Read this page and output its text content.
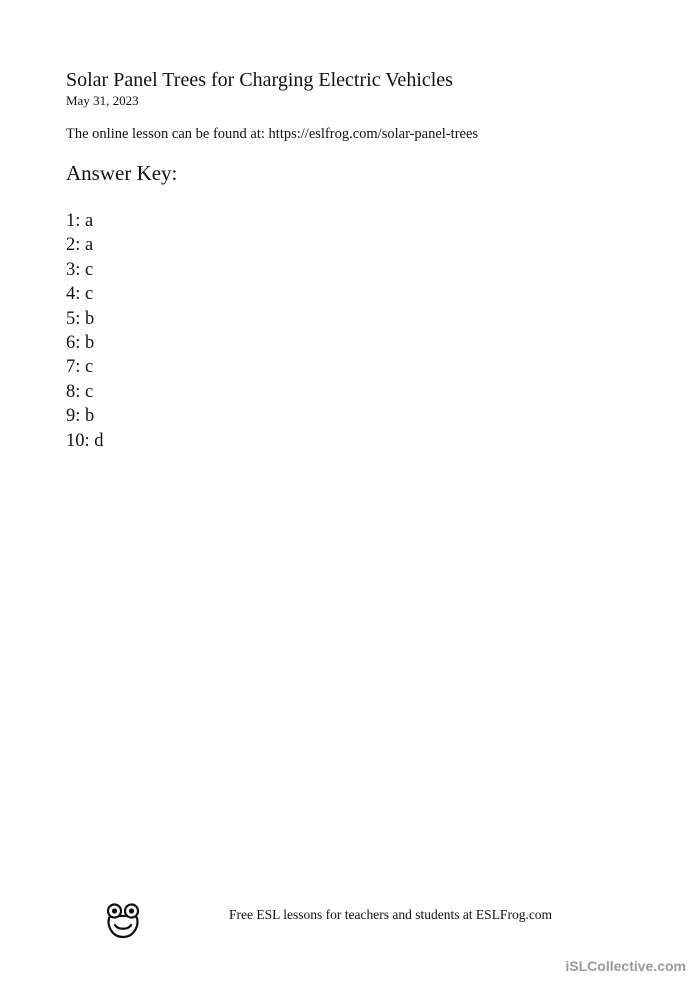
Solar Panel Trees for Charging Electric Vehicles
May 31, 2023
The online lesson can be found at: https://eslfrog.com/solar-panel-trees
Answer Key:
1: a
2: a
3: c
4: c
5: b
6: b
7: c
8: c
9: b
10: d
Free ESL lessons for teachers and students at ESLFrog.com
iSLCollective.com
